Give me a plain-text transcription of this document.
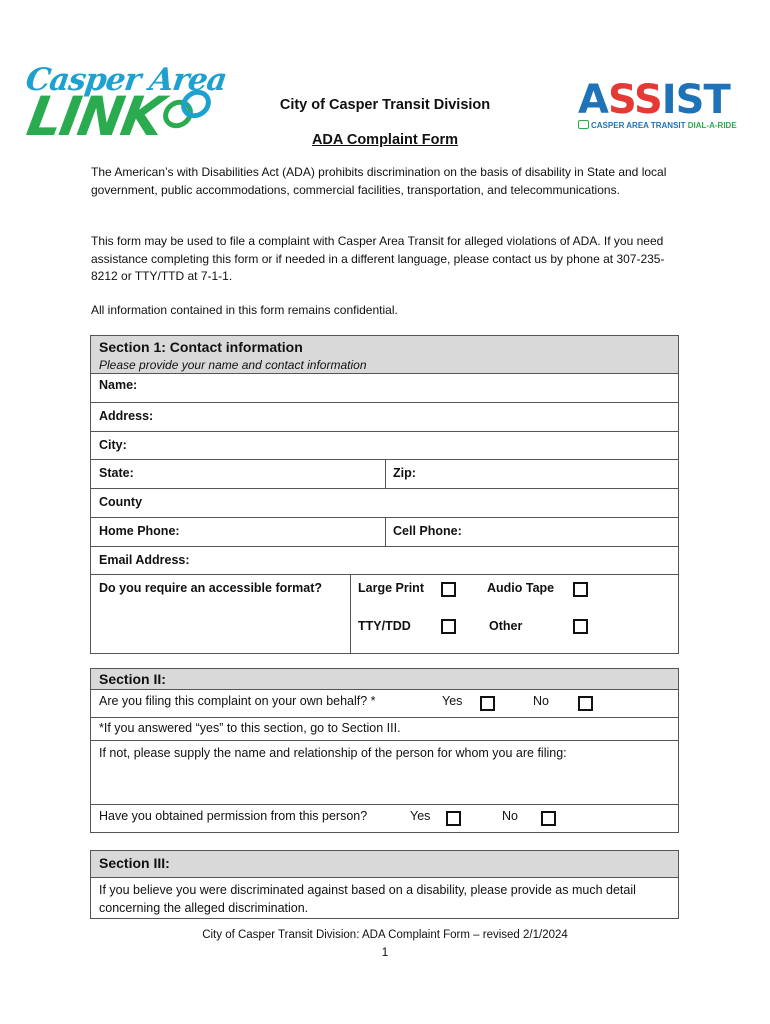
Casper Area
LINK	ASSIST
CASPER AREA TRANSIT DIAL-A-RIDE
City of Casper Transit Division
ADA Complaint Form
The American’s with Disabilities Act (ADA) prohibits discrimination on the basis of disability in State and local government, public accommodations, commercial facilities, transportation, and telecommunications.
This form may be used to file a complaint with Casper Area Transit for alleged violations of ADA. If you need assistance completing this form or if needed in a different language, please contact us by phone at 307-235-8212 or TTY/TTD at 7-1-1.
All information contained in this form remains confidential.
Section 1: Contact information
Please provide your name and contact information
Name:
Address:
City:
State:	Zip:
County
Home Phone:	Cell Phone:
Email Address:
Do you require an accessible format?	Large Print	Audio Tape
TTY/TDD	Other
Section II:
Are you filing this complaint on your own behalf? *	Yes	No
*If you answered “yes” to this section, go to Section III.
If not, please supply the name and relationship of the person for whom you are filing:
Have you obtained permission from this person?	Yes	No
Section III:
If you believe you were discriminated against based on a disability, please provide as much detail concerning the alleged discrimination.
City of Casper Transit Division: ADA Complaint Form – revised 2/1/2024
1
